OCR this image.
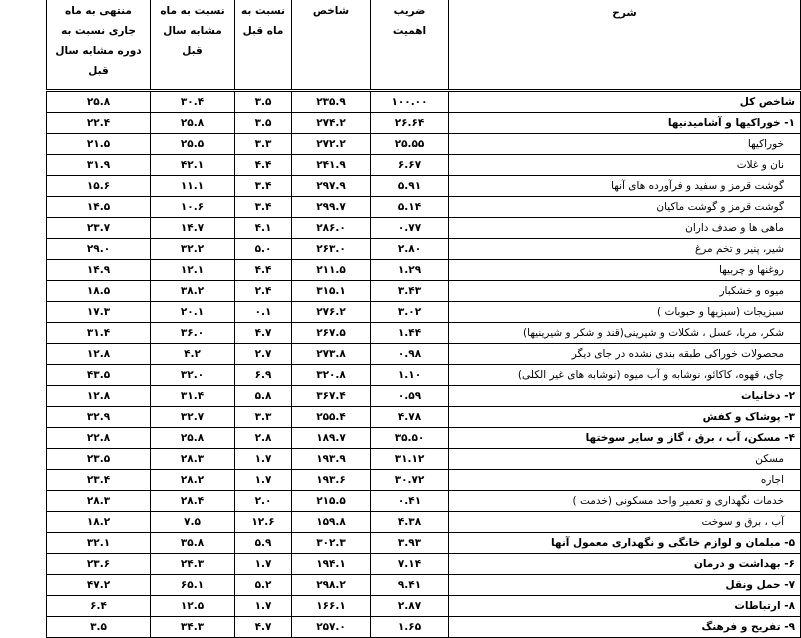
منتهی به ماه جاری نسبت به دوره مشابه سال قبل	نسبت به ماه مشابه سال قبل	نسبت به ماه قبل	شاخص	ضریب اهمیت	شرح
۲۵.۸	۳۰.۴	۳.۵	۲۳۵.۹	۱۰۰.۰۰	شاخص کل
۲۲.۴	۲۵.۸	۳.۵	۲۷۴.۲	۲۶.۶۴	۱- خوراکیها و آشامیدنیها
۲۱.۵	۲۵.۵	۳.۳	۲۷۲.۲	۲۵.۵۵	خوراکیها
۳۱.۹	۴۲.۱	۴.۴	۲۴۱.۹	۶.۶۷	نان و غلات
۱۵.۶	۱۱.۱	۳.۴	۲۹۷.۹	۵.۹۱	گوشت قرمز و سفید و فرآورده های آنها
۱۴.۵	۱۰.۶	۳.۴	۲۹۹.۷	۵.۱۴	گوشت قرمز و گوشت ماکیان
۲۳.۷	۱۴.۷	۴.۱	۲۸۶.۰	۰.۷۷	ماهی ها و صدف داران
۲۹.۰	۳۲.۲	۵.۰	۲۶۳.۰	۲.۸۰	شیر، پنیر و تخم مرغ
۱۴.۹	۱۲.۱	۴.۴	۲۱۱.۵	۱.۲۹	روغنها و چربیها
۱۸.۵	۳۸.۲	۲.۴	۳۱۵.۱	۳.۴۳	میوه و خشکبار
۱۷.۳	۲۰.۱	۰.۱	۲۷۶.۲	۳.۰۲	سبزیجات (سبزیها و حبوبات )
۳۱.۴	۳۶.۰	۴.۷	۲۶۷.۵	۱.۴۴	شکر، مربا، عسل ، شکلات و شیرینی(قند و شکر و شیرینیها)
۱۲.۸	۴.۲	۲.۷	۲۷۳.۸	۰.۹۸	محصولات خوراکی طبقه بندی نشده در جای دیگر
۴۳.۵	۳۲.۰	۶.۹	۳۲۰.۸	۱.۱۰	چای، قهوه، کاکائو، نوشابه و آب میوه (نوشابه های غیر الکلی)
۱۲.۸	۳۱.۴	۵.۸	۳۶۷.۴	۰.۵۹	۲- دخانیات
۳۲.۹	۳۲.۷	۳.۳	۲۵۵.۴	۴.۷۸	۳- پوشاک و کفش
۲۲.۸	۲۵.۸	۲.۸	۱۸۹.۷	۳۵.۵۰	۴- مسکن، آب ، برق ، گاز و سایر سوختها
۲۳.۵	۲۸.۳	۱.۷	۱۹۳.۹	۳۱.۱۲	مسکن
۲۳.۴	۲۸.۲	۱.۷	۱۹۳.۶	۳۰.۷۲	اجاره
۲۸.۳	۲۸.۴	۲.۰	۲۱۵.۵	۰.۴۱	خدمات نگهداری و تعمیر واحد مسکونی (خدمت )
۱۸.۲	۷.۵	۱۲.۶	۱۵۹.۸	۴.۳۸	آب ، برق و سوخت
۳۲.۱	۳۵.۸	۵.۹	۳۰۲.۳	۳.۹۳	۵- مبلمان و لوازم خانگی و نگهداری معمول آنها
۲۳.۶	۲۴.۳	۱.۷	۱۹۴.۱	۷.۱۴	۶- بهداشت و درمان
۴۷.۲	۶۵.۱	۵.۲	۲۹۸.۲	۹.۴۱	۷- حمل ونقل
۶.۴	۱۲.۵	۱.۷	۱۶۶.۱	۲.۸۷	۸- ارتباطات
۳.۵	۳۴.۳	۴.۷	۲۵۷.۰	۱.۶۵	۹- تفریح و فرهنگ
